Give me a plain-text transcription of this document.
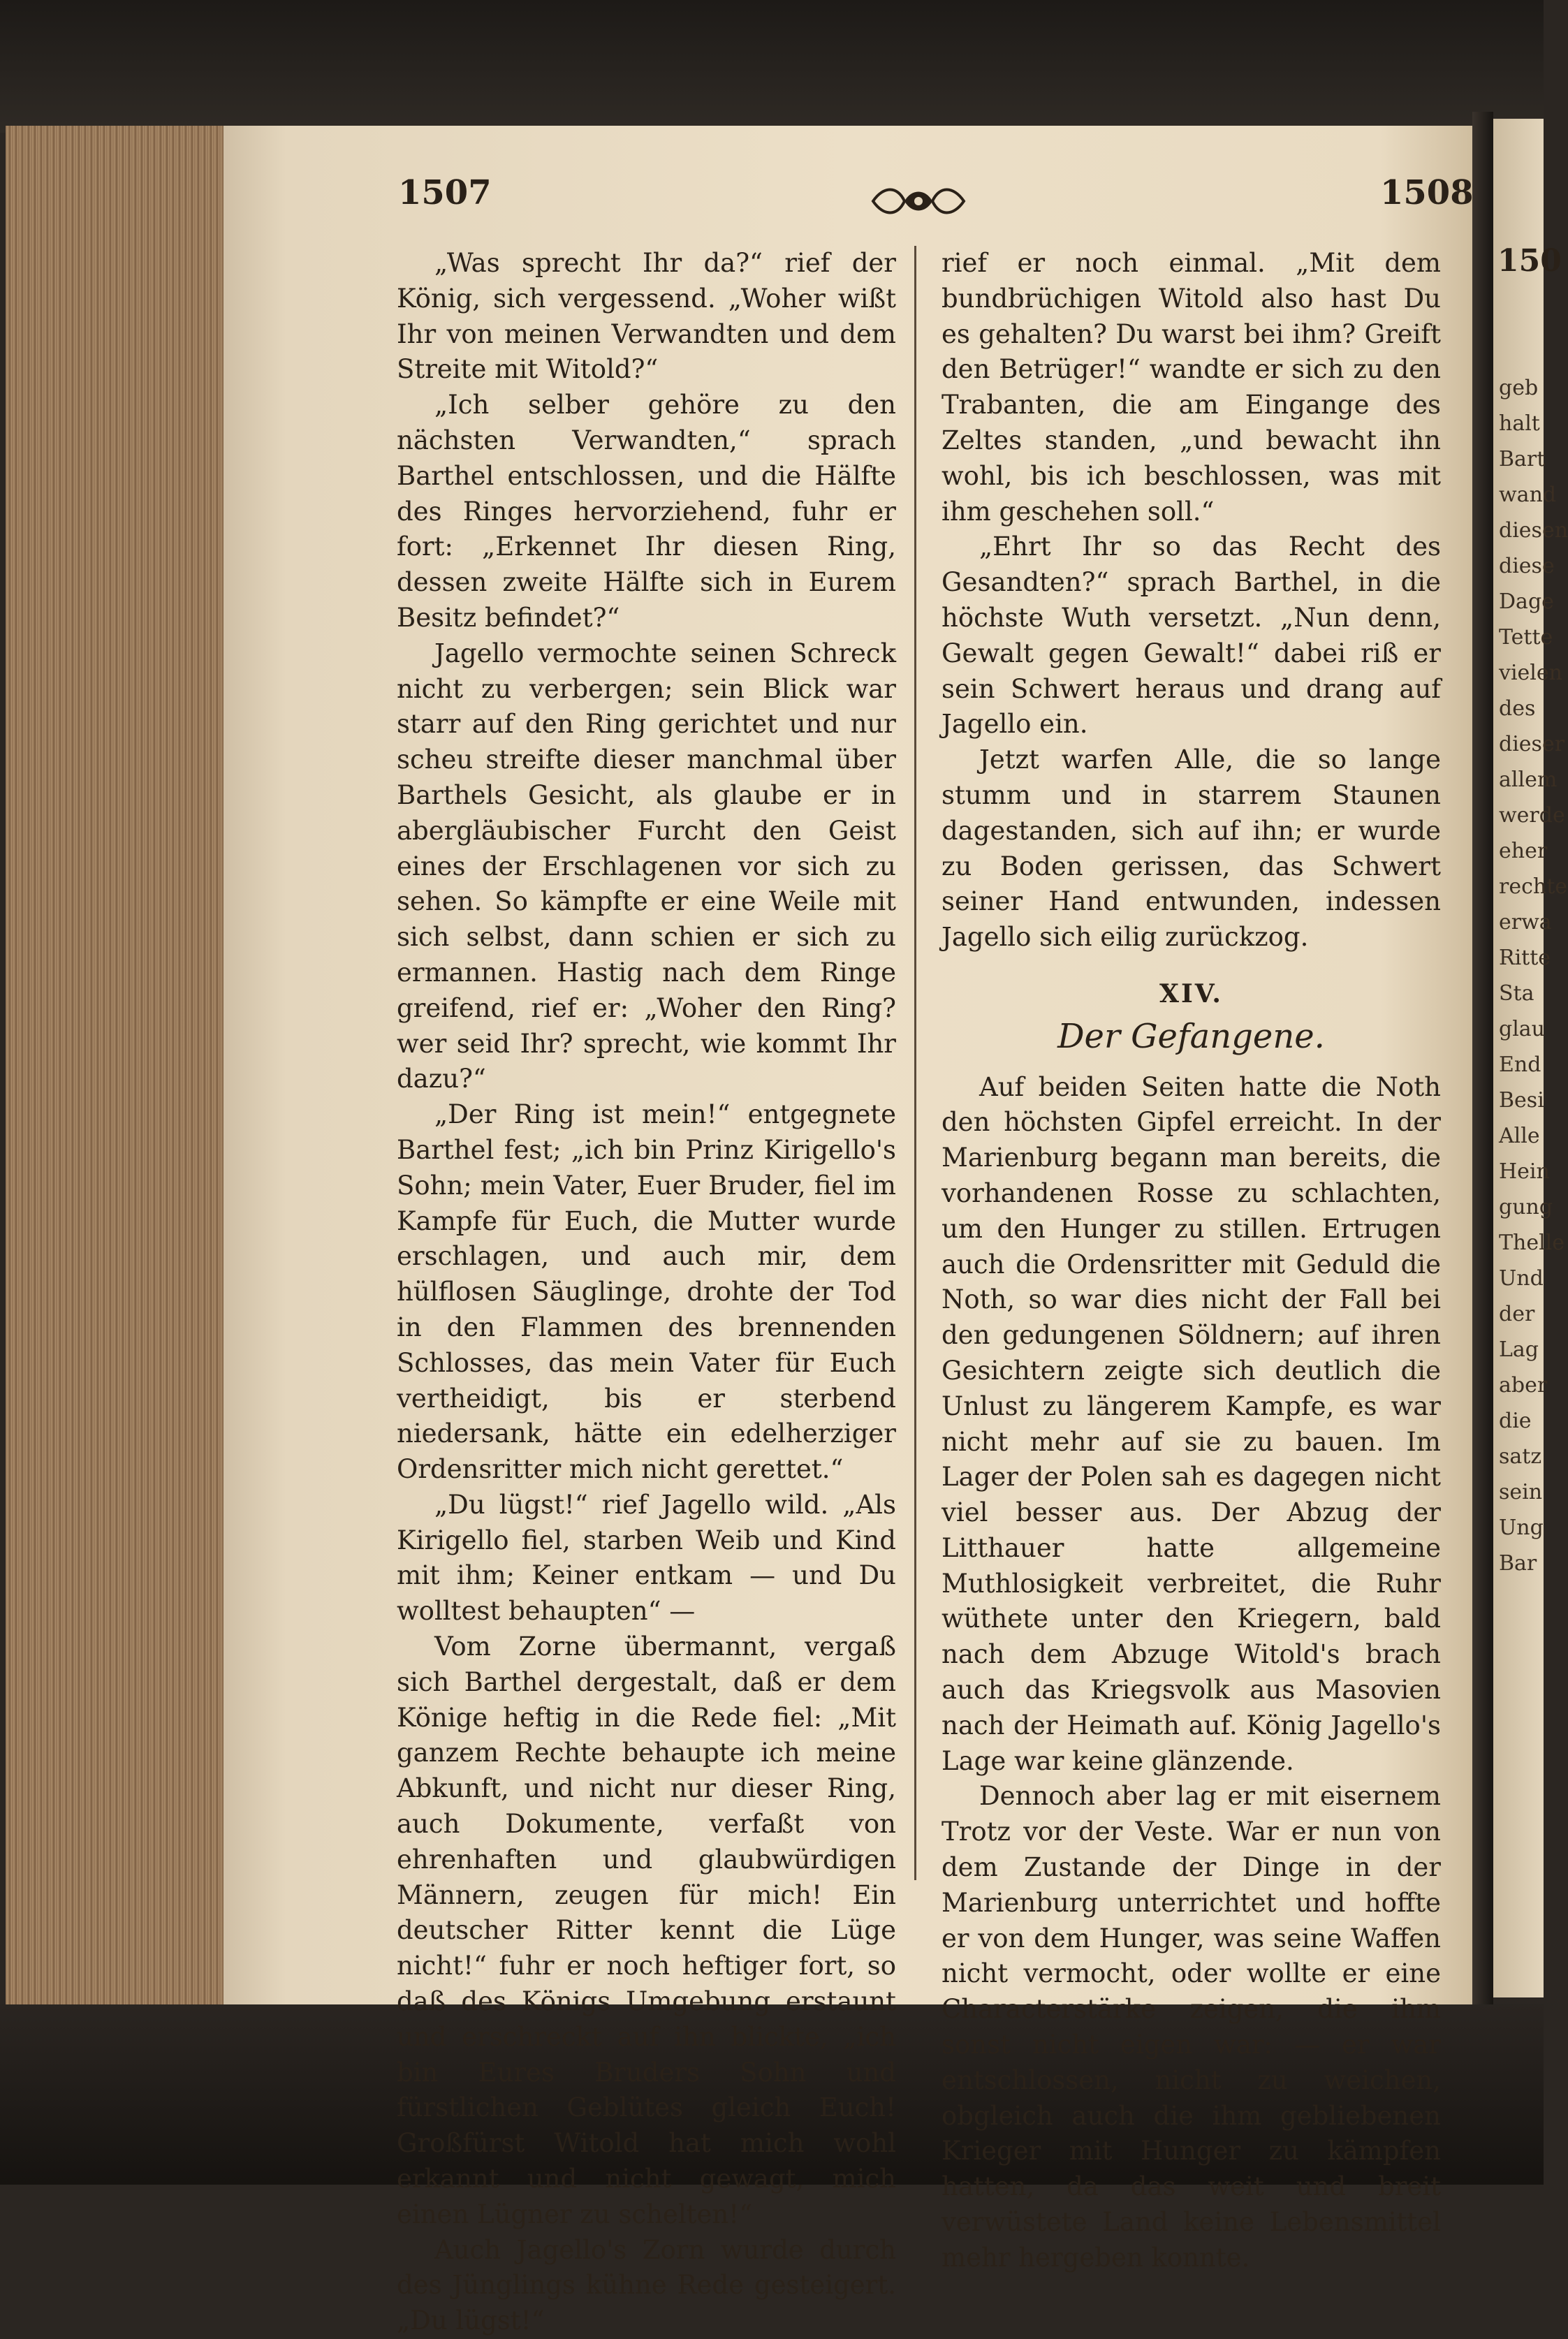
150
geb
halt
Bart
wand
diesen
diese
Dage
Tette
vielen
des
dieser
allem
werde
eher
rechte
erwa
Ritte
Sta
glau
End
Besi
Alle
Hein
gung
Thelle
Und
der
Lag
aber
die
satz
sein
Ung
Bar
1507	1508

„Was sprecht Ihr da?“ rief der König, sich vergessend. „Woher wißt Ihr von meinen Verwandten und dem Streite mit Witold?“

„Ich selber gehöre zu den nächsten Verwandten,“ sprach Barthel entschlossen, und die Hälfte des Ringes hervorziehend, fuhr er fort: „Erkennet Ihr diesen Ring, dessen zweite Hälfte sich in Eurem Besitz befindet?“

Jagello vermochte seinen Schreck nicht zu verbergen; sein Blick war starr auf den Ring gerichtet und nur scheu streifte dieser manchmal über Barthels Gesicht, als glaube er in abergläubischer Furcht den Geist eines der Erschlagenen vor sich zu sehen. So kämpfte er eine Weile mit sich selbst, dann schien er sich zu ermannen. Hastig nach dem Ringe greifend, rief er: „Woher den Ring? wer seid Ihr? sprecht, wie kommt Ihr dazu?“

„Der Ring ist mein!“ entgegnete Barthel fest; „ich bin Prinz Kirigello's Sohn; mein Vater, Euer Bruder, fiel im Kampfe für Euch, die Mutter wurde erschlagen, und auch mir, dem hülflosen Säuglinge, drohte der Tod in den Flammen des brennenden Schlosses, das mein Vater für Euch vertheidigt, bis er sterbend niedersank, hätte ein edelherziger Ordensritter mich nicht gerettet.“

„Du lügst!“ rief Jagello wild. „Als Kirigello fiel, starben Weib und Kind mit ihm; Keiner entkam — und Du wolltest behaupten“ —

Vom Zorne übermannt, vergaß sich Barthel dergestalt, daß er dem Könige heftig in die Rede fiel: „Mit ganzem Rechte behaupte ich meine Abkunft, und nicht nur dieser Ring, auch Dokumente, verfaßt von ehrenhaften und glaubwürdigen Männern, zeugen für mich! Ein deutscher Ritter kennt die Lüge nicht!“ fuhr er noch heftiger fort, so daß des Königs Umgebung erstaunt und erschreckt auf ihn blickte, „ich bin Eures Bruders Sohn und fürstlichen Geblütes gleich Euch! Großfürst Witold hat mich wohl erkannt und nicht gewagt, mich einen Lügner zu schelten!“

Auch Jagello's Zorn wurde durch des Jünglings kühne Rede gesteigert. „Du lügst!“

rief er noch einmal. „Mit dem bundbrüchigen Witold also hast Du es gehalten? Du warst bei ihm? Greift den Betrüger!“ wandte er sich zu den Trabanten, die am Eingange des Zeltes standen, „und bewacht ihn wohl, bis ich beschlossen, was mit ihm geschehen soll.“

„Ehrt Ihr so das Recht des Gesandten?“ sprach Barthel, in die höchste Wuth versetzt. „Nun denn, Gewalt gegen Gewalt!“ dabei riß er sein Schwert heraus und drang auf Jagello ein.

Jetzt warfen Alle, die so lange stumm und in starrem Staunen dagestanden, sich auf ihn; er wurde zu Boden gerissen, das Schwert seiner Hand entwunden, indessen Jagello sich eilig zurückzog.

XIV.
Der Gefangene.

Auf beiden Seiten hatte die Noth den höchsten Gipfel erreicht. In der Marienburg begann man bereits, die vorhandenen Rosse zu schlachten, um den Hunger zu stillen. Ertrugen auch die Ordensritter mit Geduld die Noth, so war dies nicht der Fall bei den gedungenen Söldnern; auf ihren Gesichtern zeigte sich deutlich die Unlust zu längerem Kampfe, es war nicht mehr auf sie zu bauen. Im Lager der Polen sah es dagegen nicht viel besser aus. Der Abzug der Litthauer hatte allgemeine Muthlosigkeit verbreitet, die Ruhr wüthete unter den Kriegern, bald nach dem Abzuge Witold's brach auch das Kriegsvolk aus Masovien nach der Heimath auf. König Jagello's Lage war keine glänzende.

Dennoch aber lag er mit eisernem Trotz vor der Veste. War er nun von dem Zustande der Dinge in der Marienburg unterrichtet und hoffte er von dem Hunger, was seine Waffen nicht vermocht, oder wollte er eine Characterstärke zeigen, die ihm sonst nicht eigen war: — er war entschlossen, nicht zu weichen, obgleich auch die ihm gebliebenen Krieger mit Hunger zu kämpfen hatten, da das weit und breit verwüstete Land keine Lebensmittel mehr hergeben konnte.
